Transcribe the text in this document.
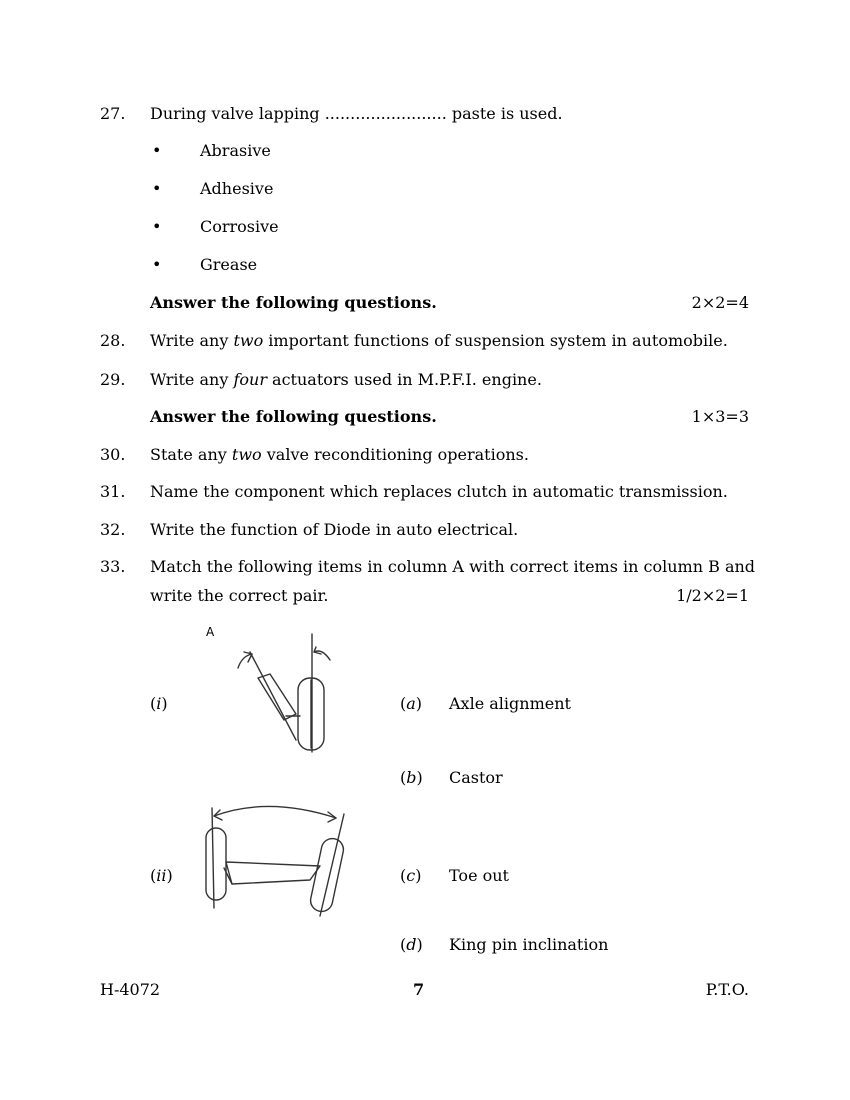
27. During valve lapping ........................ paste is used.
• Abrasive
• Adhesive
• Corrosive
• Grease
Answer the following questions.	2×2=4
28. Write any two important functions of suspension system in automobile.
29. Write any four actuators used in M.P.F.I. engine.
Answer the following questions.	1×3=3
30. State any two valve reconditioning operations.
31. Name the component which replaces clutch in automatic transmission.
32. Write the function of Diode in auto electrical.
33. Match the following items in column A with correct items in column B and
write the correct pair.	1/2×2=1
A
(i)	(a) Axle alignment
(b) Castor
(ii)	(c) Toe out
(d) King pin inclination
H-4072	7	P.T.O.
